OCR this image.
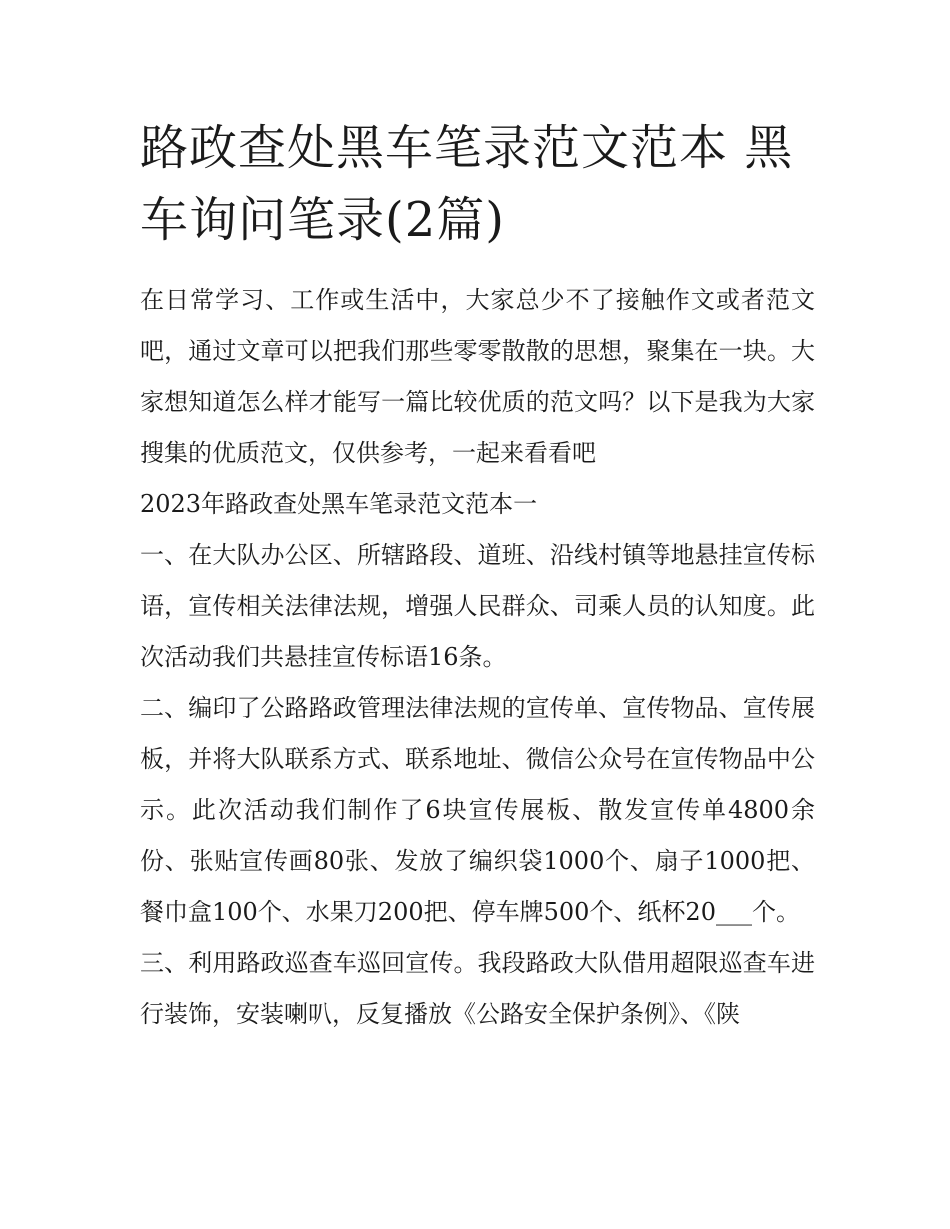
路政查处黑车笔录范文范本 黑车询问笔录(2篇)

在日常学习、工作或生活中，大家总少不了接触作文或者范文吧，通过文章可以把我们那些零零散散的思想，聚集在一块。大家想知道怎么样才能写一篇比较优质的范文吗？以下是我为大家搜集的优质范文，仅供参考，一起来看看吧

2023年路政查处黑车笔录范文范本一

一、在大队办公区、所辖路段、道班、沿线村镇等地悬挂宣传标语，宣传相关法律法规，增强人民群众、司乘人员的认知度。此次活动我们共悬挂宣传标语16条。

二、编印了公路路政管理法律法规的宣传单、宣传物品、宣传展板，并将大队联系方式、联系地址、微信公众号在宣传物品中公示。此次活动我们制作了6块宣传展板、散发宣传单4800余份、张贴宣传画80张、发放了编织袋1000个、扇子1000把、餐巾盒100个、水果刀200把、停车牌500个、纸杯20___个。

三、利用路政巡查车巡回宣传。我段路政大队借用超限巡查车进行装饰，安装喇叭，反复播放《公路安全保护条例》、《陕
